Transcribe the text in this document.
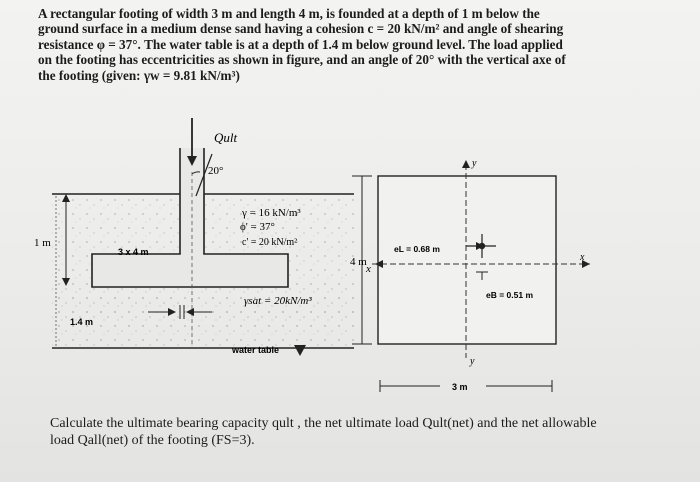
A rectangular footing of width 3 m and length 4 m, is founded at a depth of 1 m below the

ground surface in a medium dense sand having a cohesion c = 20 kN/m² and angle of shearing

resistance φ = 37°. The water table is at a depth of 1.4 m below ground level. The load applied

on the footing has eccentricities as shown in figure, and an angle of 20° with the vertical axe of

the footing (given: γw = 9.81 kN/m³)

Qult
20°
1 m
3 x 4 m
1.4 m
γ = 16 kN/m³
ϕ' = 37°
c' = 20 kN/m²
γsat = 20kN/m³
water table
4 m
x
x
y
y
eL = 0.68 m
eB = 0.51 m
3 m

Calculate the ultimate bearing capacity qult , the net ultimate load Qult(net) and the net allowable

load Qall(net) of the footing (FS=3).
